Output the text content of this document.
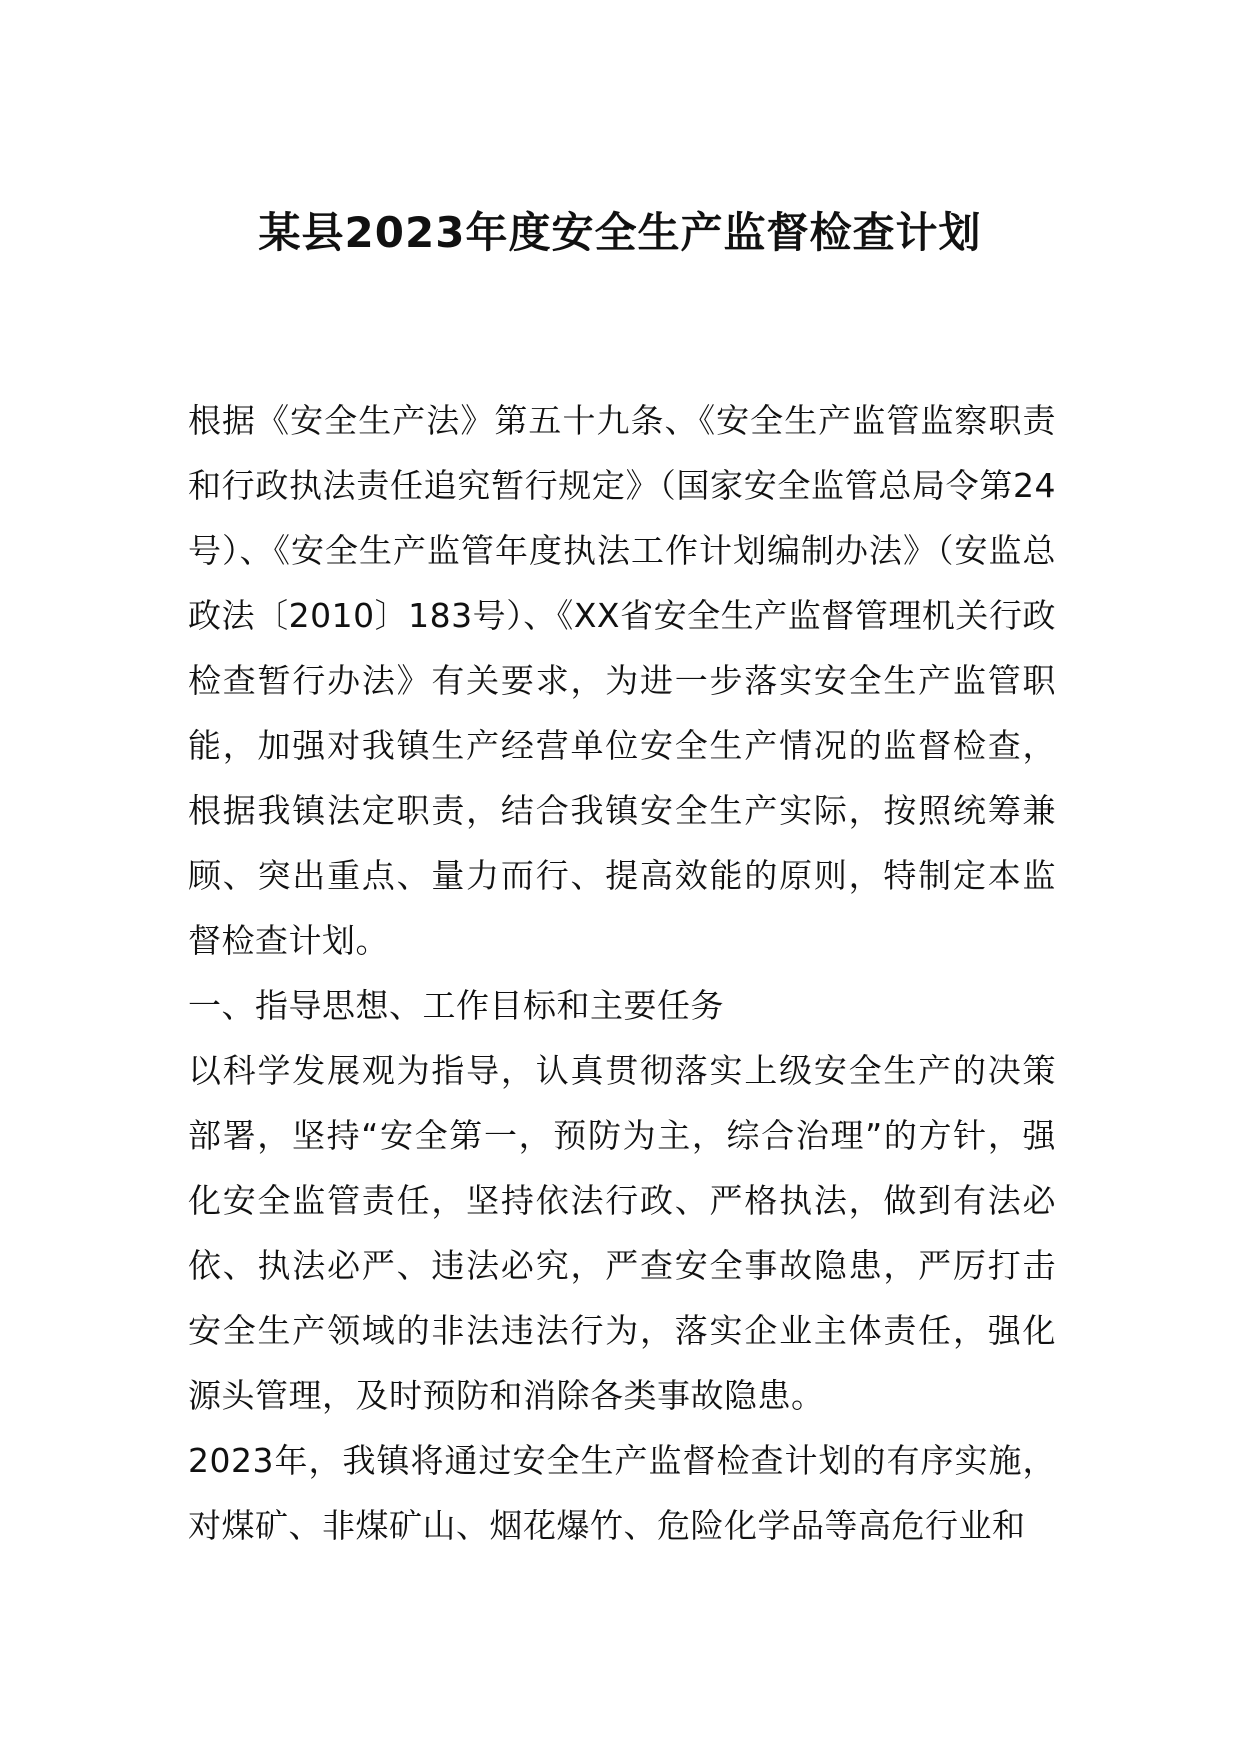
某县2023年度安全生产监督检查计划

根据《安全生产法》第五十九条、《安全生产监管监察职责和行政执法责任追究暂行规定》（国家安全监管总局令第24号）、《安全生产监管年度执法工作计划编制办法》（安监总政法〔2010〕183号）、《XX省安全生产监督管理机关行政检查暂行办法》有关要求，为进一步落实安全生产监管职能，加强对我镇生产经营单位安全生产情况的监督检查，根据我镇法定职责，结合我镇安全生产实际，按照统筹兼顾、突出重点、量力而行、提高效能的原则，特制定本监督检查计划。

一、指导思想、工作目标和主要任务

以科学发展观为指导，认真贯彻落实上级安全生产的决策部署，坚持“安全第一，预防为主，综合治理”的方针，强化安全监管责任，坚持依法行政、严格执法，做到有法必依、执法必严、违法必究，严查安全事故隐患，严厉打击安全生产领域的非法违法行为，落实企业主体责任，强化源头管理，及时预防和消除各类事故隐患。

2023年，我镇将通过安全生产监督检查计划的有序实施，对煤矿、非煤矿山、烟花爆竹、危险化学品等高危行业和
